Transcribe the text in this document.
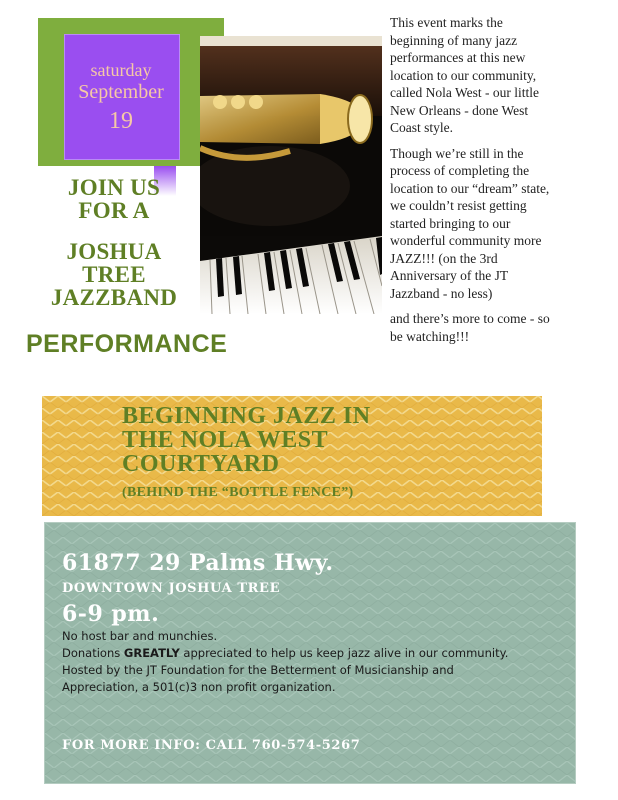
saturday
September
19
JOIN US
FOR A
JOSHUA
TREE
JAZZBAND
PERFORMANCE

This event marks the beginning of many jazz performances at this new location to our community, called Nola West - our little New Orleans - done West Coast style.

Though we’re still in the process of completing the location to our “dream” state, we couldn’t resist getting started bringing to our wonderful community more JAZZ!!! (on the 3rd Anniversary of the JT Jazzband - no less)

and there’s more to come - so be watching!!!

BEGINNING JAZZ IN
THE NOLA WEST
COURTYARD
(BEHIND THE “BOTTLE FENCE”)
61877 29 Palms Hwy.
DOWNTOWN JOSHUA TREE
6-9 pm.

No host bar and munchies.

Donations GREATLY appreciated to help us keep jazz alive in our community.

Hosted by the JT Foundation for the Betterment of Musicianship and Appreciation, a 501(c)3 non profit organization.

FOR MORE INFO: CALL 760-574-5267
